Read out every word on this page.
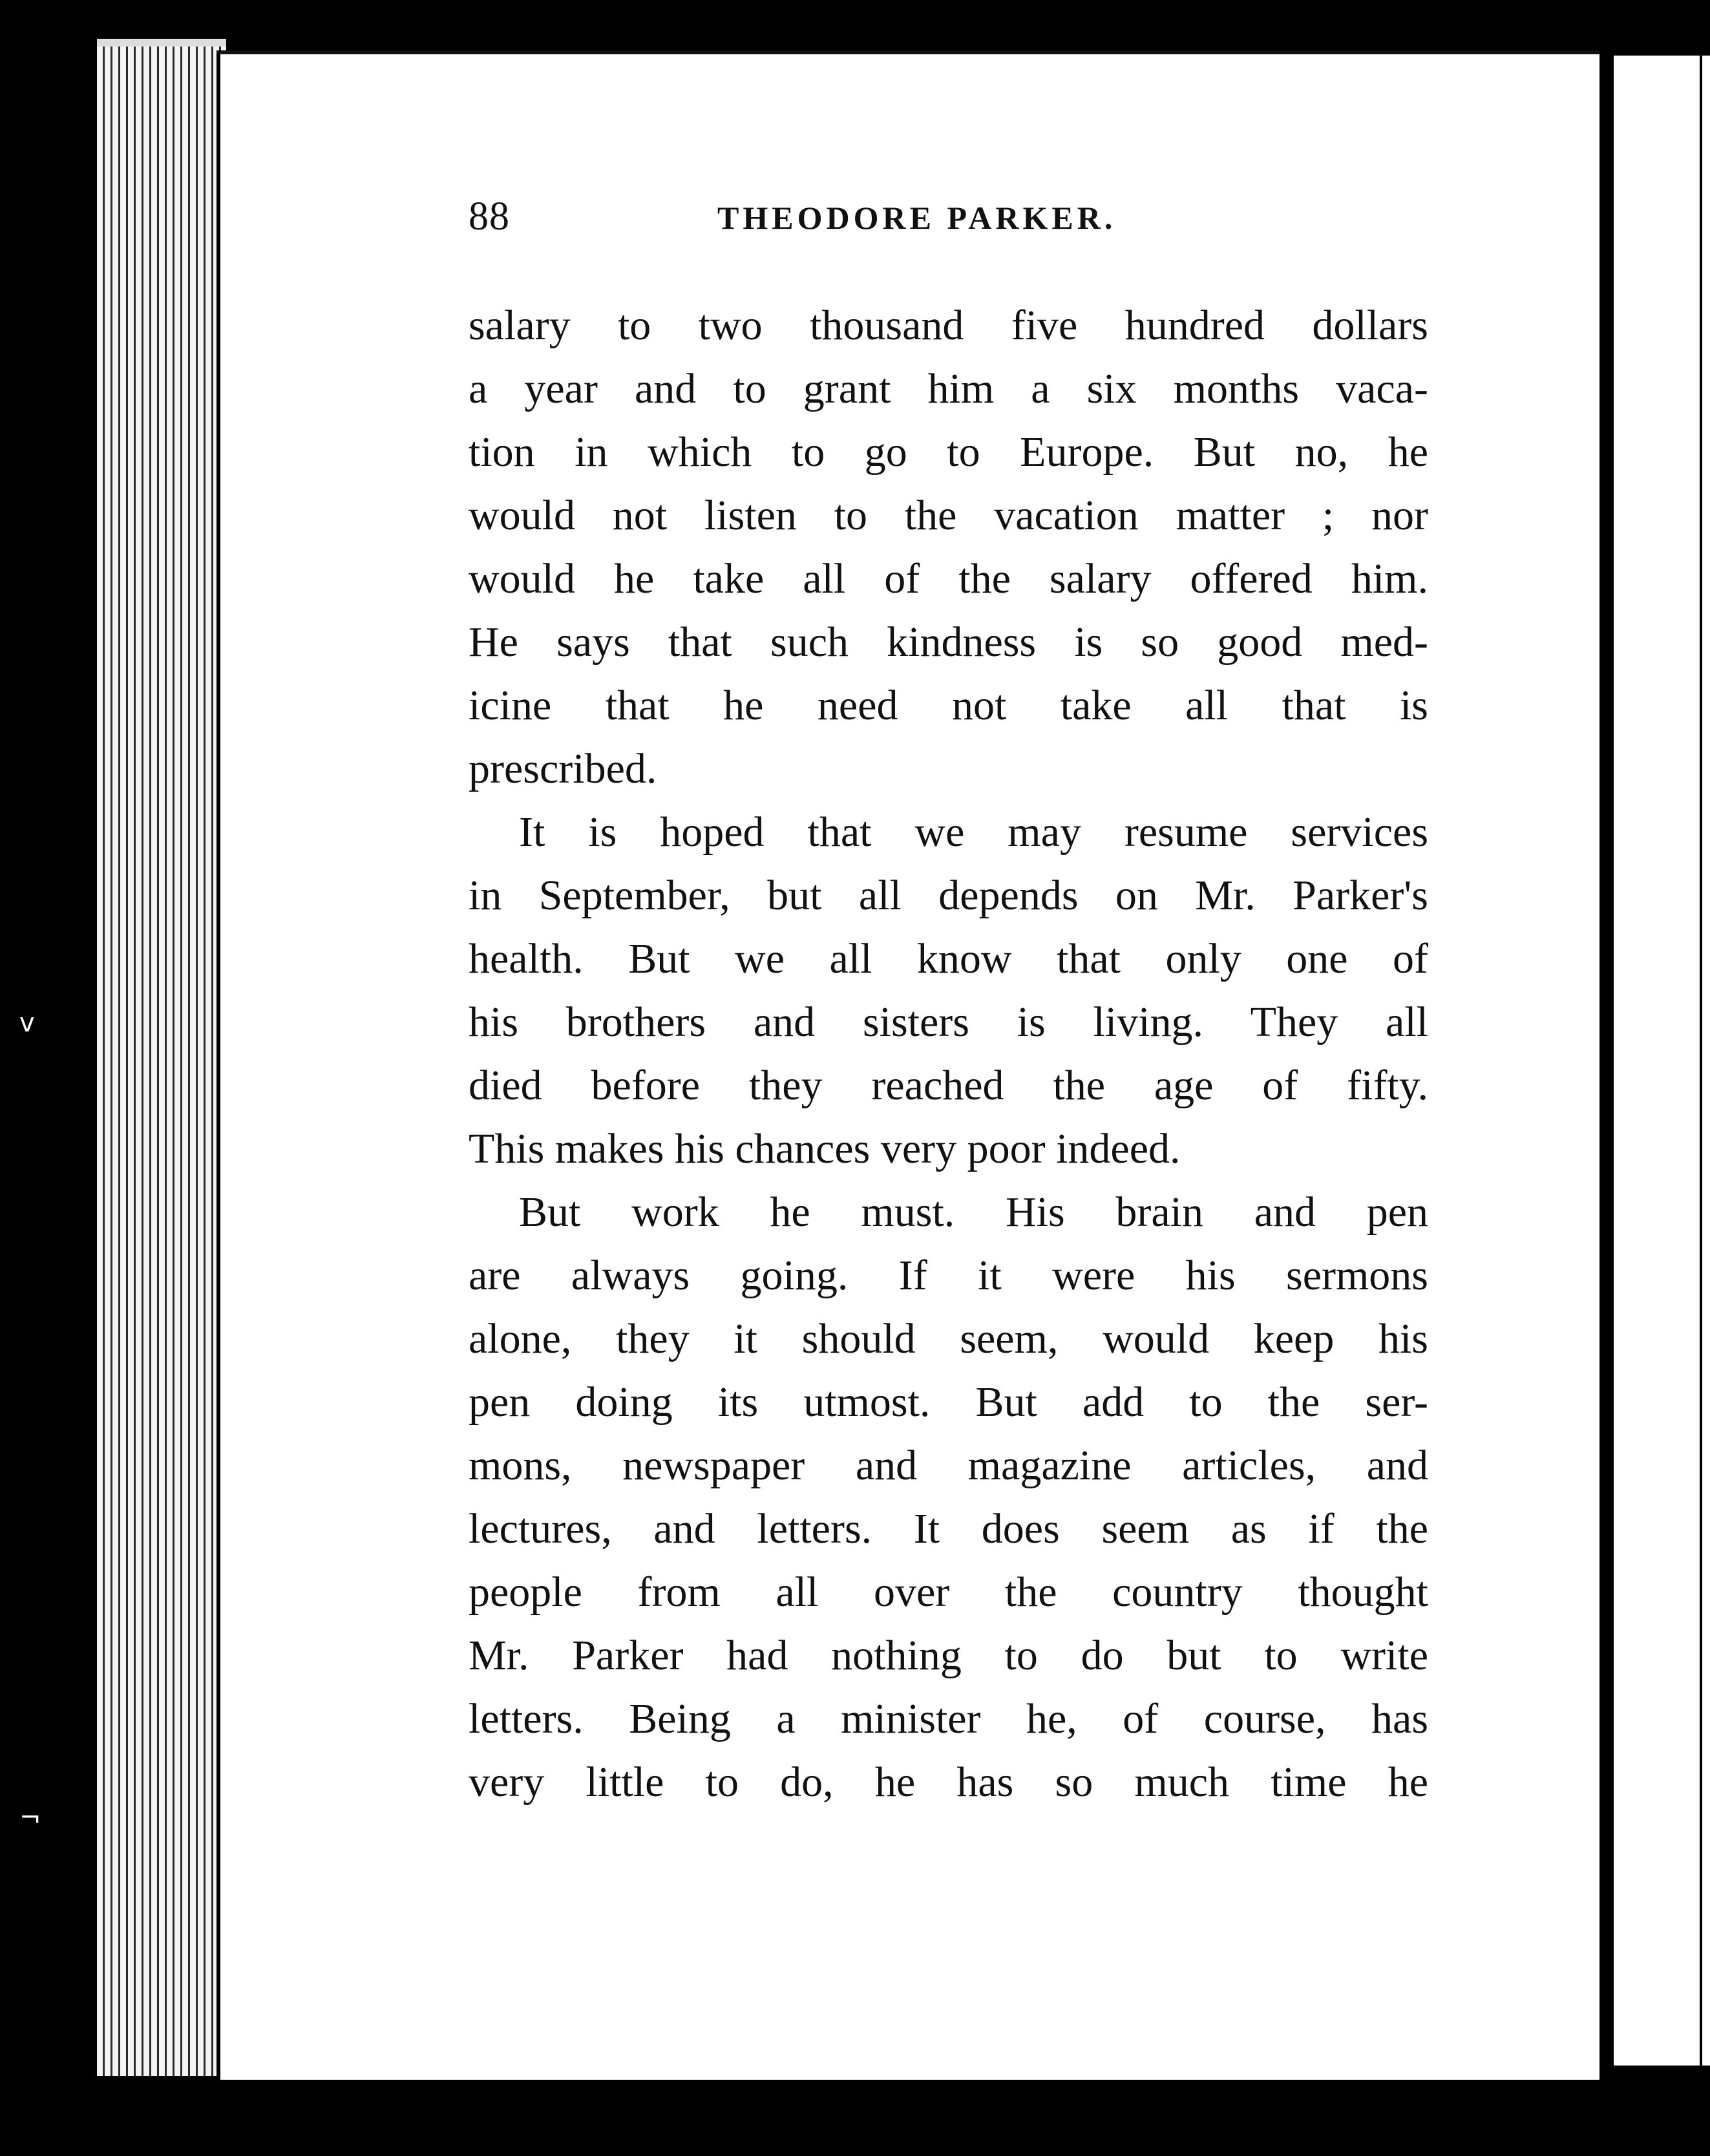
v
¬
88	THEODORE PARKER.
salary to two thousand five hundred dollars
a year and to grant him a six months vaca-
tion in which to go to Europe. But no, he
would not listen to the vacation matter ; nor
would he take all of the salary offered him.
He says that such kindness is so good med-
icine that he need not take all that is
prescribed.
It is hoped that we may resume services
in September, but all depends on Mr. Parker's
health. But we all know that only one of
his brothers and sisters is living. They all
died before they reached the age of fifty.
This makes his chances very poor indeed.
But work he must. His brain and pen
are always going. If it were his sermons
alone, they it should seem, would keep his
pen doing its utmost. But add to the ser-
mons, newspaper and magazine articles, and
lectures, and letters. It does seem as if the
people from all over the country thought
Mr. Parker had nothing to do but to write
letters. Being a minister he, of course, has
very little to do, he has so much time he
